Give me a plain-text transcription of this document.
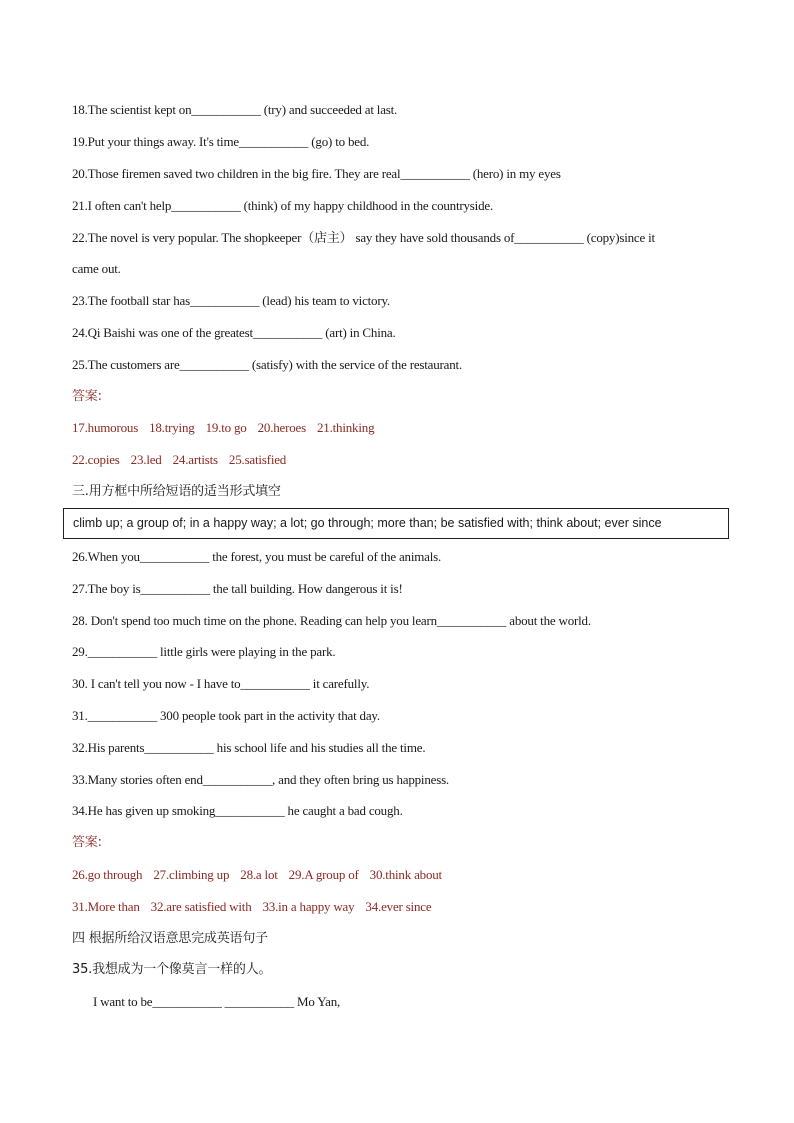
18.The scientist kept on___________ (try) and succeeded at last.
19.Put your things away. It's time___________ (go) to bed.
20.Those firemen saved two children in the big fire. They are real___________ (hero) in my eyes
21.I often can't help___________ (think) of my happy childhood in the countryside.
22.The novel is very popular. The shopkeeper（店主） say they have sold thousands of___________ (copy)since it
came out.
23.The football star has___________ (lead) his team to victory.
24.Qi Baishi was one of the greatest___________ (art) in China.
25.The customers are___________ (satisfy) with the service of the restaurant.
答案:
17.humorous 18.trying 19.to go 20.heroes 21.thinking
22.copies 23.led 24.artists 25.satisfied
三.用方框中所给短语的适当形式填空
climb up; a group of; in a happy way; a lot; go through; more than; be satisfied with; think about; ever since
26.When you___________ the forest, you must be careful of the animals.
27.The boy is___________ the tall building. How dangerous it is!
28. Don't spend too much time on the phone. Reading can help you learn___________ about the world.
29.___________ little girls were playing in the park.
30. I can't tell you now - I have to___________ it carefully.
31.___________ 300 people took part in the activity that day.
32.His parents___________ his school life and his studies all the time.
33.Many stories often end___________, and they often bring us happiness.
34.He has given up smoking___________ he caught a bad cough.
答案:
26.go through 27.climbing up 28.a lot 29.A group of 30.think about
31.More than 32.are satisfied with 33.in a happy way 34.ever since
四 根据所给汉语意思完成英语句子
35.我想成为一个像莫言一样的人。
I want to be___________ ___________ Mo Yan,
